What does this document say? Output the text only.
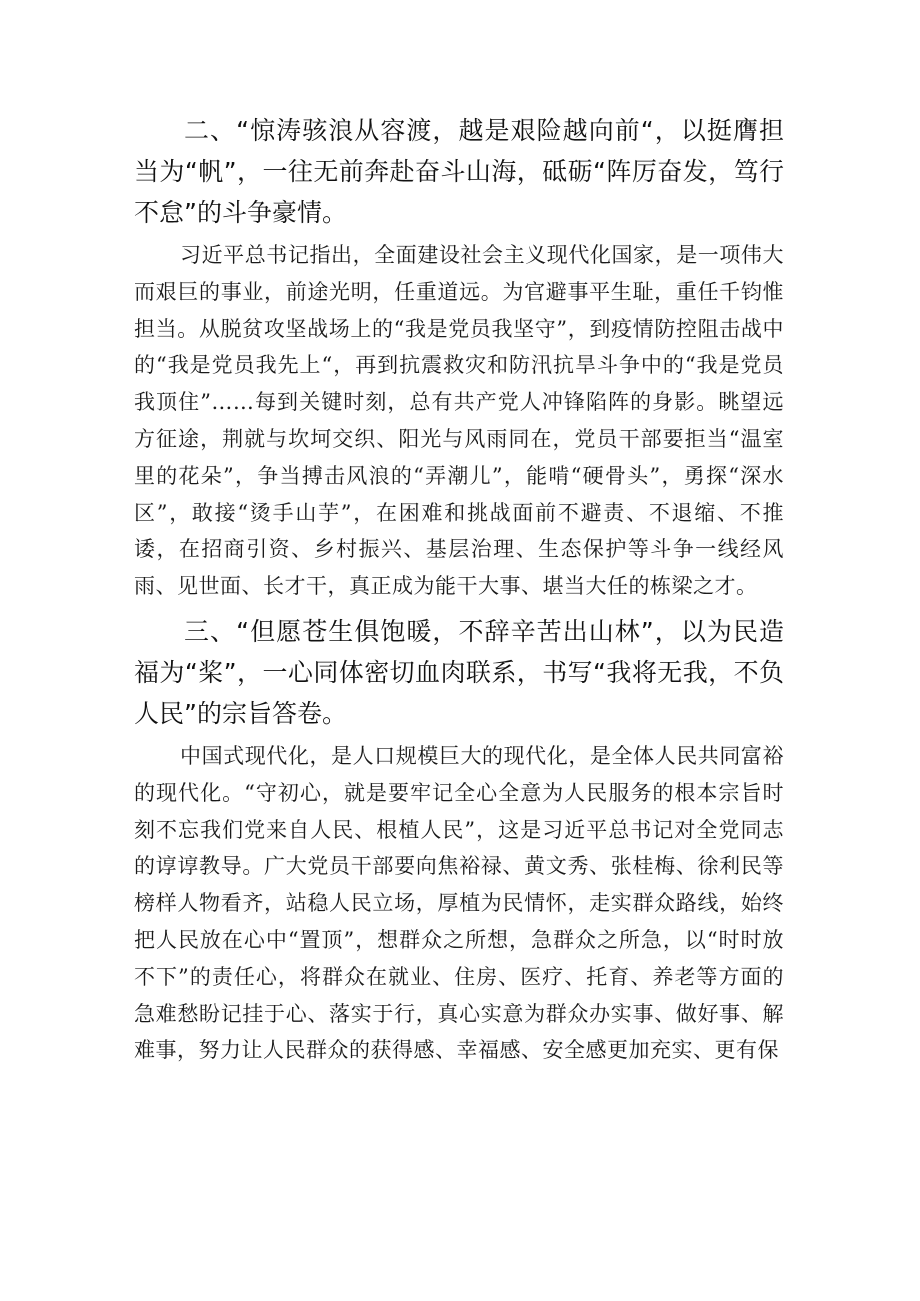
二、“惊涛骇浪从容渡，越是艰险越向前“，以挺膺担当为“帆”，一往无前奔赴奋斗山海，砥砺“阵厉奋发，笃行不怠”的斗争豪情。

习近平总书记指出，全面建设社会主义现代化国家，是一项伟大而艰巨的事业，前途光明，任重道远。为官避事平生耻，重任千钧惟担当。从脱贫攻坚战场上的“我是党员我坚守”，到疫情防控阻击战中的“我是党员我先上“，再到抗震救灾和防汛抗旱斗争中的“我是党员我顶住”……每到关键时刻，总有共产党人冲锋陷阵的身影。眺望远方征途，荆就与坎坷交织、阳光与风雨同在，党员干部要拒当“温室里的花朵”，争当搏击风浪的“弄潮儿”，能啃“硬骨头”，勇探“深水区”，敢接“烫手山芋”，在困难和挑战面前不避责、不退缩、不推诿，在招商引资、乡村振兴、基层治理、生态保护等斗争一线经风雨、见世面、长才干，真正成为能干大事、堪当大任的栋梁之才。

三、“但愿苍生俱饱暖，不辞辛苦出山林”，以为民造福为“桨”，一心同体密切血肉联系，书写“我将无我，不负人民”的宗旨答卷。

中国式现代化，是人口规模巨大的现代化，是全体人民共同富裕的现代化。“守初心，就是要牢记全心全意为人民服务的根本宗旨时刻不忘我们党来自人民、根植人民”，这是习近平总书记对全党同志的谆谆教导。广大党员干部要向焦裕禄、黄文秀、张桂梅、徐利民等榜样人物看齐，站稳人民立场，厚植为民情怀，走实群众路线，始终把人民放在心中“置顶”，想群众之所想，急群众之所急，以“时时放不下”的责任心，将群众在就业、住房、医疗、托育、养老等方面的急难愁盼记挂于心、落实于行，真心实意为群众办实事、做好事、解难事，努力让人民群众的获得感、幸福感、安全感更加充实、更有保
